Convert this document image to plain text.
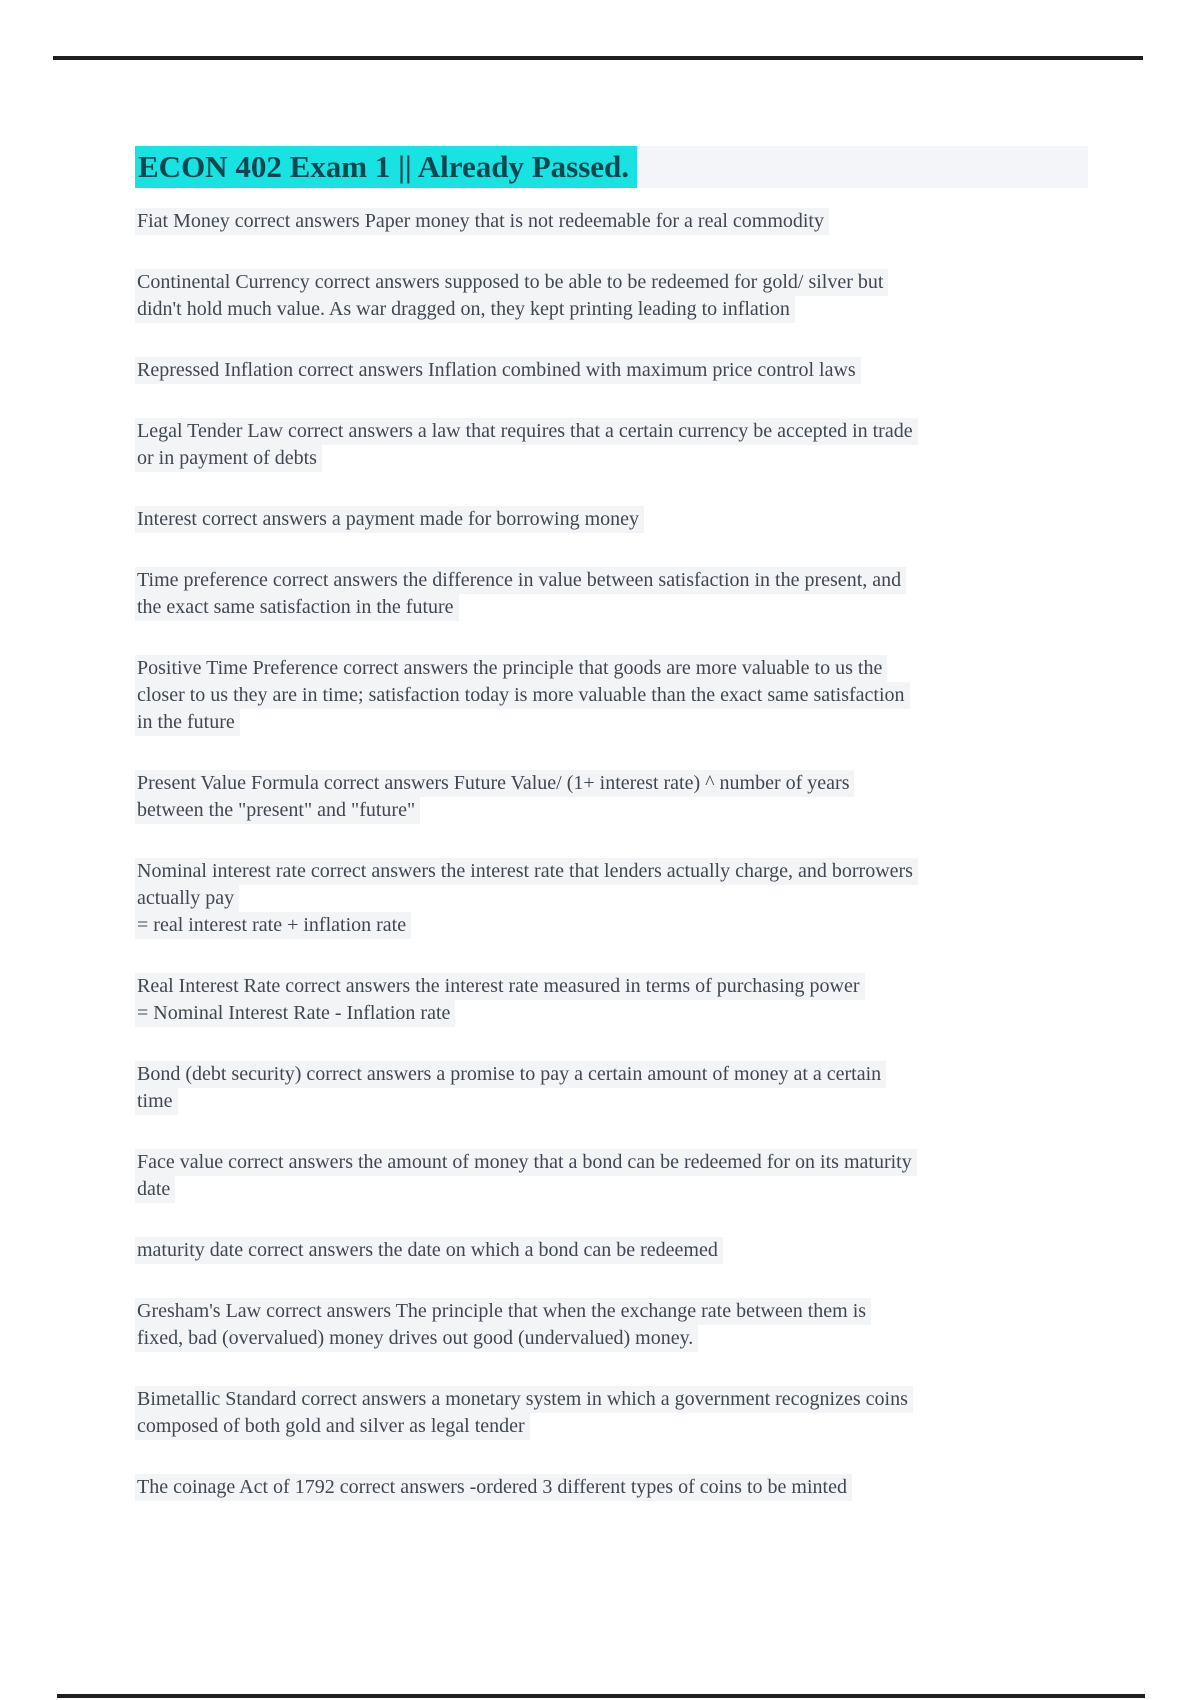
ECON 402 Exam 1 || Already Passed.

Fiat Money correct answers Paper money that is not redeemable for a real commodity

Continental Currency correct answers supposed to be able to be redeemed for gold/ silver but
didn't hold much value. As war dragged on, they kept printing leading to inflation

Repressed Inflation correct answers Inflation combined with maximum price control laws

Legal Tender Law correct answers a law that requires that a certain currency be accepted in trade
or in payment of debts

Interest correct answers a payment made for borrowing money

Time preference correct answers the difference in value between satisfaction in the present, and
the exact same satisfaction in the future

Positive Time Preference correct answers the principle that goods are more valuable to us the
closer to us they are in time; satisfaction today is more valuable than the exact same satisfaction
in the future

Present Value Formula correct answers Future Value/ (1+ interest rate) ^ number of years
between the "present" and "future"

Nominal interest rate correct answers the interest rate that lenders actually charge, and borrowers
actually pay
= real interest rate + inflation rate

Real Interest Rate correct answers the interest rate measured in terms of purchasing power
= Nominal Interest Rate - Inflation rate

Bond (debt security) correct answers a promise to pay a certain amount of money at a certain
time

Face value correct answers the amount of money that a bond can be redeemed for on its maturity
date

maturity date correct answers the date on which a bond can be redeemed

Gresham's Law correct answers The principle that when the exchange rate between them is
fixed, bad (overvalued) money drives out good (undervalued) money.

Bimetallic Standard correct answers a monetary system in which a government recognizes coins
composed of both gold and silver as legal tender

The coinage Act of 1792 correct answers -ordered 3 different types of coins to be minted
